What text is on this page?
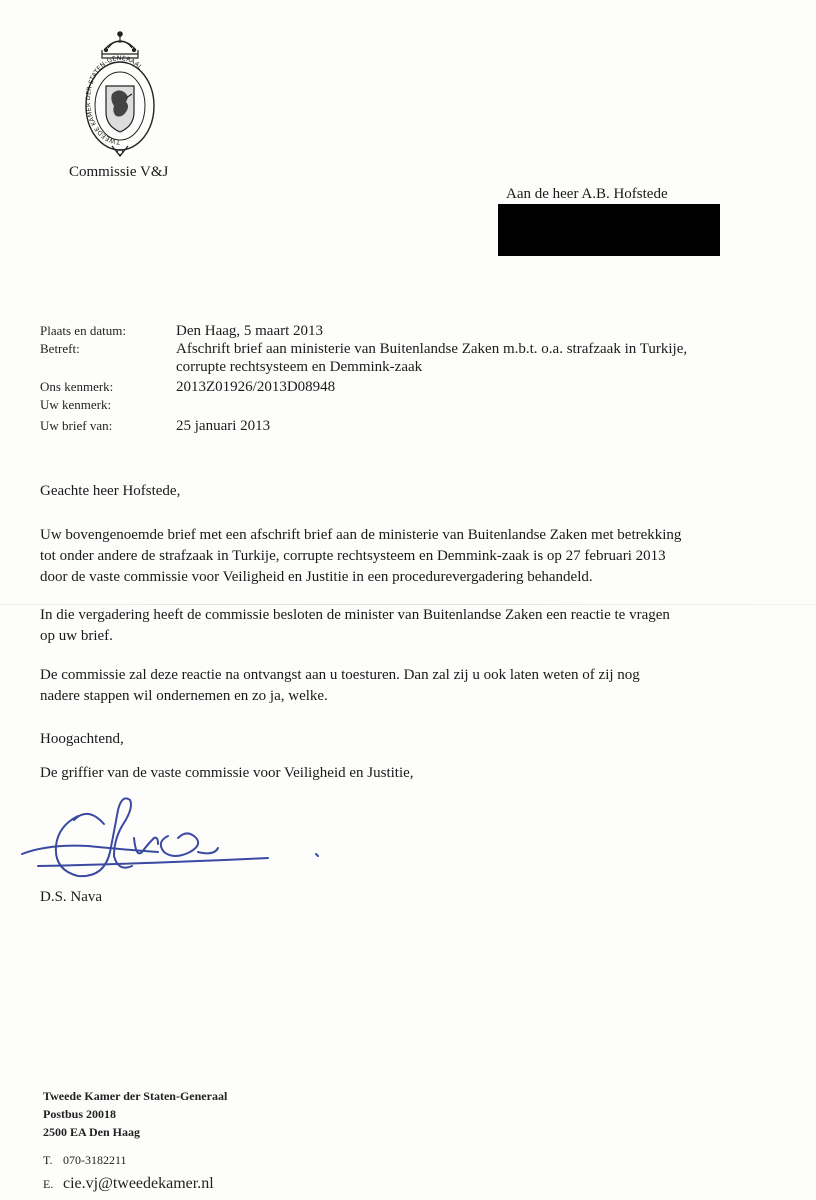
TWEEDE KAMER DER STATEN-GENERAAL
Commissie V&J
Aan de heer A.B. Hofstede
Plaats en datum:	Den Haag, 5 maart 2013
Betreft:	Afschrift brief aan ministerie van Buitenlandse Zaken m.b.t. o.a. strafzaak in Turkije,
corrupte rechtsysteem en Demmink-zaak
Ons kenmerk:	2013Z01926/2013D08948
Uw kenmerk:
Uw brief van:	25 januari 2013
Geachte heer Hofstede,
Uw bovengenoemde brief met een afschrift brief aan de ministerie van Buitenlandse Zaken met betrekking
tot onder andere de strafzaak in Turkije, corrupte rechtsysteem en Demmink-zaak is op 27 februari 2013
door de vaste commissie voor Veiligheid en Justitie in een procedurevergadering behandeld.
In die vergadering heeft de commissie besloten de minister van Buitenlandse Zaken een reactie te vragen
op uw brief.
De commissie zal deze reactie na ontvangst aan u toesturen. Dan zal zij u ook laten weten of zij nog
nadere stappen wil ondernemen en zo ja, welke.
Hoogachtend,
De griffier van de vaste commissie voor Veiligheid en Justitie,
D.S. Nava
Tweede Kamer der Staten-Generaal
Postbus 20018
2500 EA Den Haag
T. 070-3182211
E. cie.vj@tweedekamer.nl
